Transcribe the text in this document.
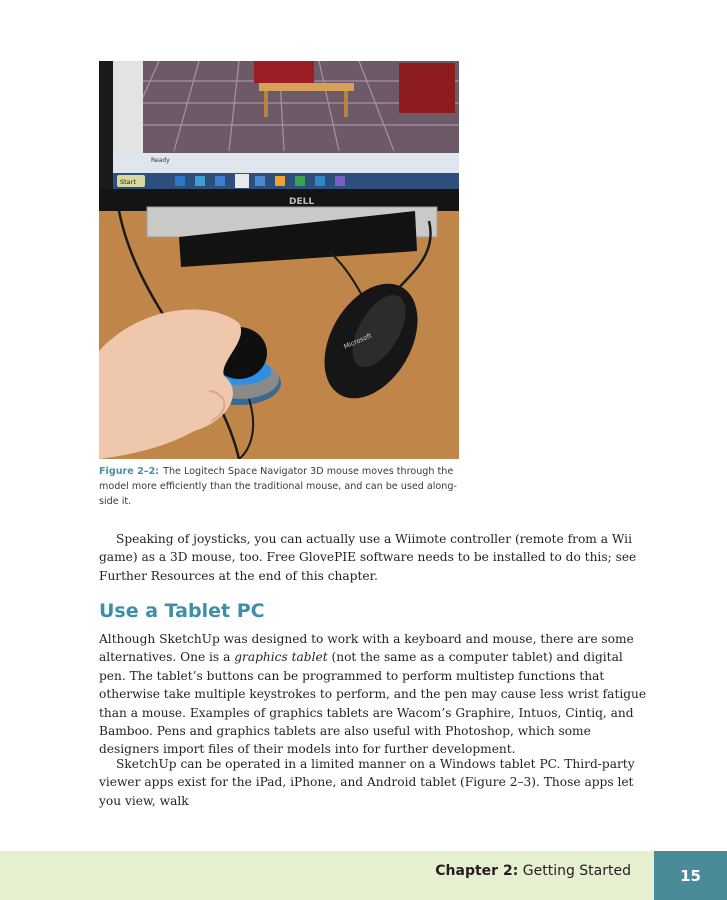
Ready
Start
DELL
Microsoft
Figure 2–2: The Logitech Space Navigator 3D mouse moves through the model more efficiently than the traditional mouse, and can be used along-side it.

Speaking of joysticks, you can actually use a Wiimote controller (remote from a Wii game) as a 3D mouse, too. Free GlovePIE software needs to be installed to do this; see Further Resources at the end of this chapter.

Use a Tablet PC

Although SketchUp was designed to work with a keyboard and mouse, there are some alternatives. One is a graphics tablet (not the same as a computer tablet) and digital pen. The tablet’s buttons can be programmed to perform multistep functions that otherwise take multiple keystrokes to perform, and the pen may cause less wrist fatigue than a mouse. Examples of graphics tablets are Wacom’s Graphire, Intuos, Cintiq, and Bamboo. Pens and graphics tablets are also useful with Photoshop, which some designers import files of their models into for further development.

SketchUp can be operated in a limited manner on a Windows tablet PC. Third-party viewer apps exist for the iPad, iPhone, and Android tablet (Figure 2–3). Those apps let you view, walk

Chapter 2: Getting Started	15
